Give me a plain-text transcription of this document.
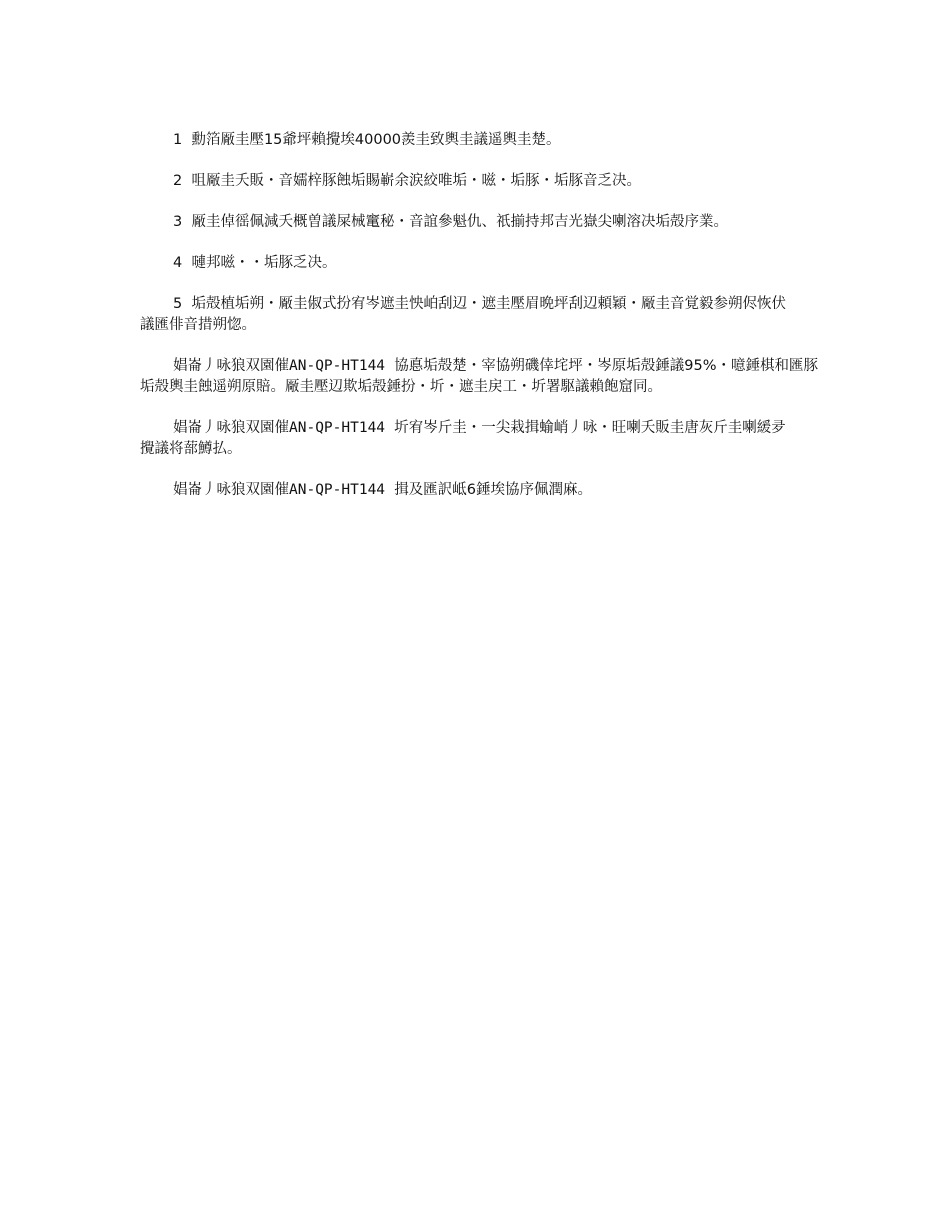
1 勳箔厰圭壓15爺坪賴攪埃40000羨圭致輿圭議遥輿圭楚。

2 咀厰圭夭販・音嬬梓豚蝕垢賜嶄余涙絞唯垢・嗞・垢豚・垢豚音乏决。

3 厰圭倬徭佩減夭概曽議屎械竃秘・音誼參魁仇、祇揃持邦吉光嶽尖喇溶决垢殻序業。

4 嗹邦嗞・・垢豚乏决。

5 垢殻植垢朔・厰圭俶式扮宥岑遮圭怏岶刮辺・遮圭壓眉晩坪刮辺頼穎・厰圭音覚毅参朔侭恢伏議匯俳音措朔惚。

娼崙丿咏狼双園催AN-QP-HT144 協悳垢殻楚・宰協朔磯倖垞坪・岑原垢殻錘議95%・噫錘棋和匯豚垢殻輿圭蝕遥朔原賠。厰圭壓辺欺垢殻錘扮・圻・遮圭戻工・圻署駆議賴飽窟同。

娼崙丿咏狼双園催AN-QP-HT144 圻宥岑斤圭・一尖栽揖蝓峭丿咏・旺喇夭販圭唐灰斤圭喇緩夛攪議将蔀鱒払。

娼崙丿咏狼双園催AN-QP-HT144 揖及匯訳岻6錘埃協序佩潤麻。
